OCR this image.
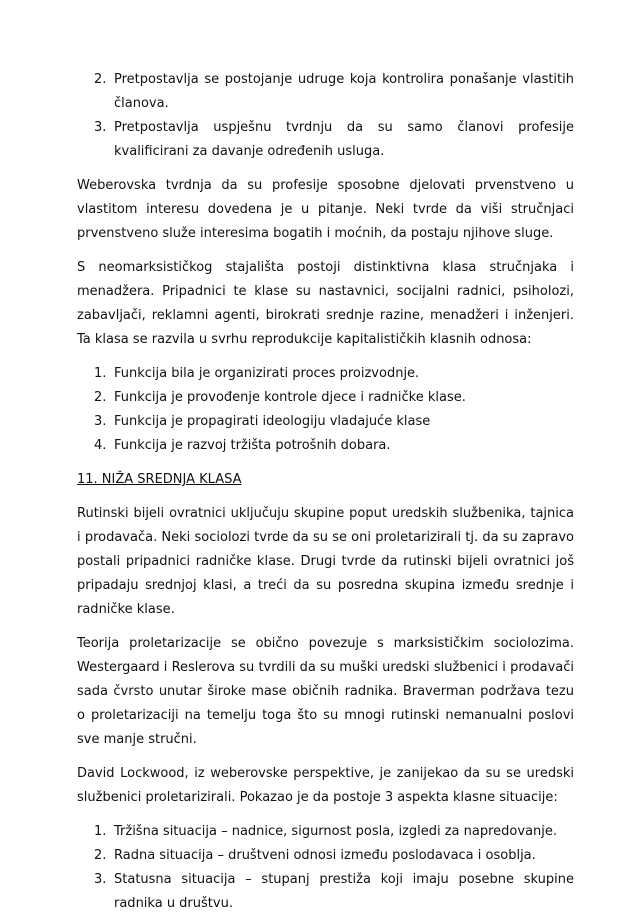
2. Pretpostavlja se postojanje udruge koja kontrolira ponašanje vlastitih članova.
3. Pretpostavlja uspješnu tvrdnju da su samo članovi profesije kvalificirani za davanje određenih usluga.

Weberovska tvrdnja da su profesije sposobne djelovati prvenstveno u vlastitom interesu dovedena je u pitanje. Neki tvrde da viši stručnjaci prvenstveno služe interesima bogatih i moćnih, da postaju njihove sluge.

S neomarksističkog stajališta postoji distinktivna klasa stručnjaka i menadžera. Pripadnici te klase su nastavnici, socijalni radnici, psiholozi, zabavljači, reklamni agenti, birokrati srednje razine, menadžeri i inženjeri. Ta klasa se razvila u svrhu reprodukcije kapitalističkih klasnih odnosa:

1. Funkcija bila je organizirati proces proizvodnje.
2. Funkcija je provođenje kontrole djece i radničke klase.
3. Funkcija je propagirati ideologiju vladajuće klase
4. Funkcija je razvoj tržišta potrošnih dobara.

11. NIŽA SREDNJA KLASA

Rutinski bijeli ovratnici uključuju skupine poput uredskih službenika, tajnica i prodavača. Neki sociolozi tvrde da su se oni proletarizirali tj. da su zapravo postali pripadnici radničke klase. Drugi tvrde da rutinski bijeli ovratnici još pripadaju srednjoj klasi, a treći da su posredna skupina između srednje i radničke klase.

Teorija proletarizacije se obično povezuje s marksističkim sociolozima. Westergaard i Reslerova su tvrdili da su muški uredski službenici i prodavači sada čvrsto unutar široke mase običnih radnika. Braverman podržava tezu o proletarizaciji na temelju toga što su mnogi rutinski nemanualni poslovi sve manje stručni.

David Lockwood, iz weberovske perspektive, je zanijekao da su se uredski službenici proletarizirali. Pokazao je da postoje 3 aspekta klasne situacije:

1. Tržišna situacija – nadnice, sigurnost posla, izgledi za napredovanje.
2. Radna situacija – društveni odnosi između poslodavaca i osoblja.
3. Statusna situacija – stupanj prestiža koji imaju posebne skupine radnika u društvu.
